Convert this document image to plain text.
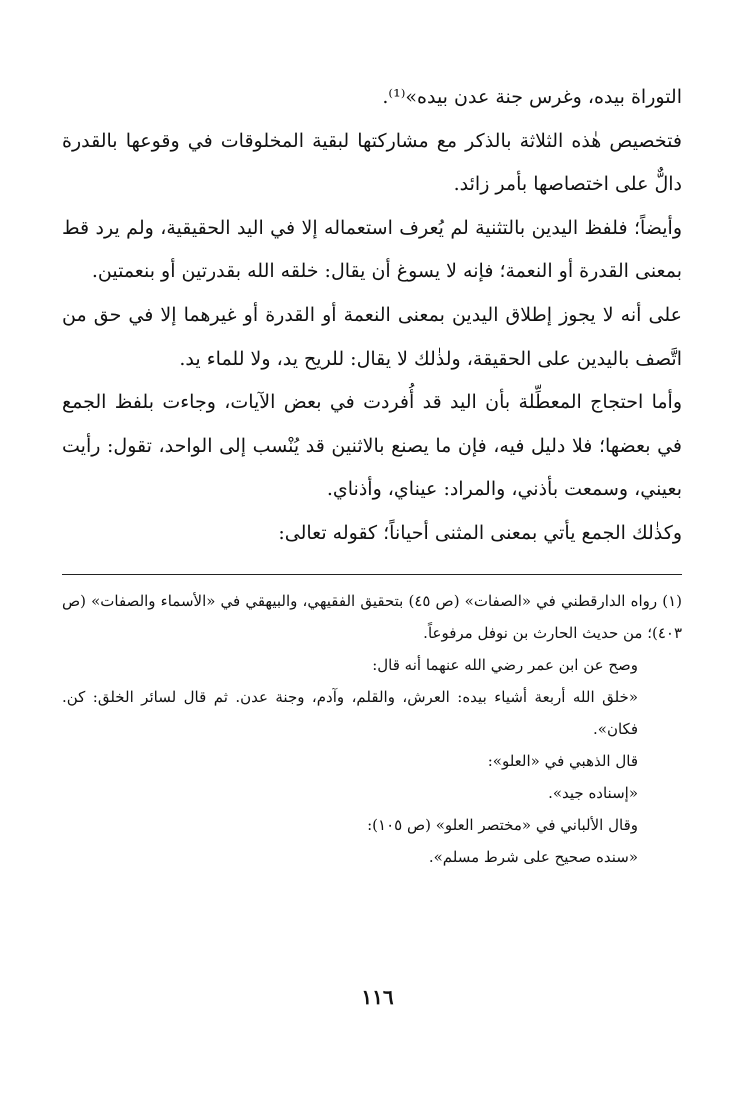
التوراة بيده، وغرس جنة عدن بيده»⁽¹⁾.

فتخصيص هٰذه الثلاثة بالذكر مع مشاركتها لبقية المخلوقات في وقوعها بالقدرة دالٌّ على اختصاصها بأمر زائد.

وأيضاً؛ فلفظ اليدين بالتثنية لم يُعرف استعماله إلا في اليد الحقيقية، ولم يرد قط بمعنى القدرة أو النعمة؛ فإنه لا يسوغ أن يقال: خلقه الله بقدرتين أو بنعمتين.

على أنه لا يجوز إطلاق اليدين بمعنى النعمة أو القدرة أو غيرهما إلا في حق من اتَّصف باليدين على الحقيقة، ولذٰلك لا يقال: للريح يد، ولا للماء يد.

وأما احتجاج المعطِّلة بأن اليد قد أُفردت في بعض الآيات، وجاءت بلفظ الجمع في بعضها؛ فلا دليل فيه، فإن ما يصنع بالاثنين قد يُنْسب إلى الواحد، تقول: رأيت بعيني، وسمعت بأذني، والمراد: عيناي، وأذناي.

وكذٰلك الجمع يأتي بمعنى المثنى أحياناً؛ كقوله تعالى:

(١) رواه الدارقطني في «الصفات» (ص ٤٥) بتحقيق الفقيهي، والبيهقي في «الأسماء والصفات» (ص ٤٠٣)؛ من حديث الحارث بن نوفل مرفوعاً.

وصح عن ابن عمر رضي الله عنهما أنه قال:

«خلق الله أربعة أشياء بيده: العرش، والقلم، وآدم، وجنة عدن. ثم قال لسائر الخلق: كن. فكان».

قال الذهبي في «العلو»:

«إسناده جيد».

وقال الألباني في «مختصر العلو» (ص ١٠٥):

«سنده صحيح على شرط مسلم».

١١٦
